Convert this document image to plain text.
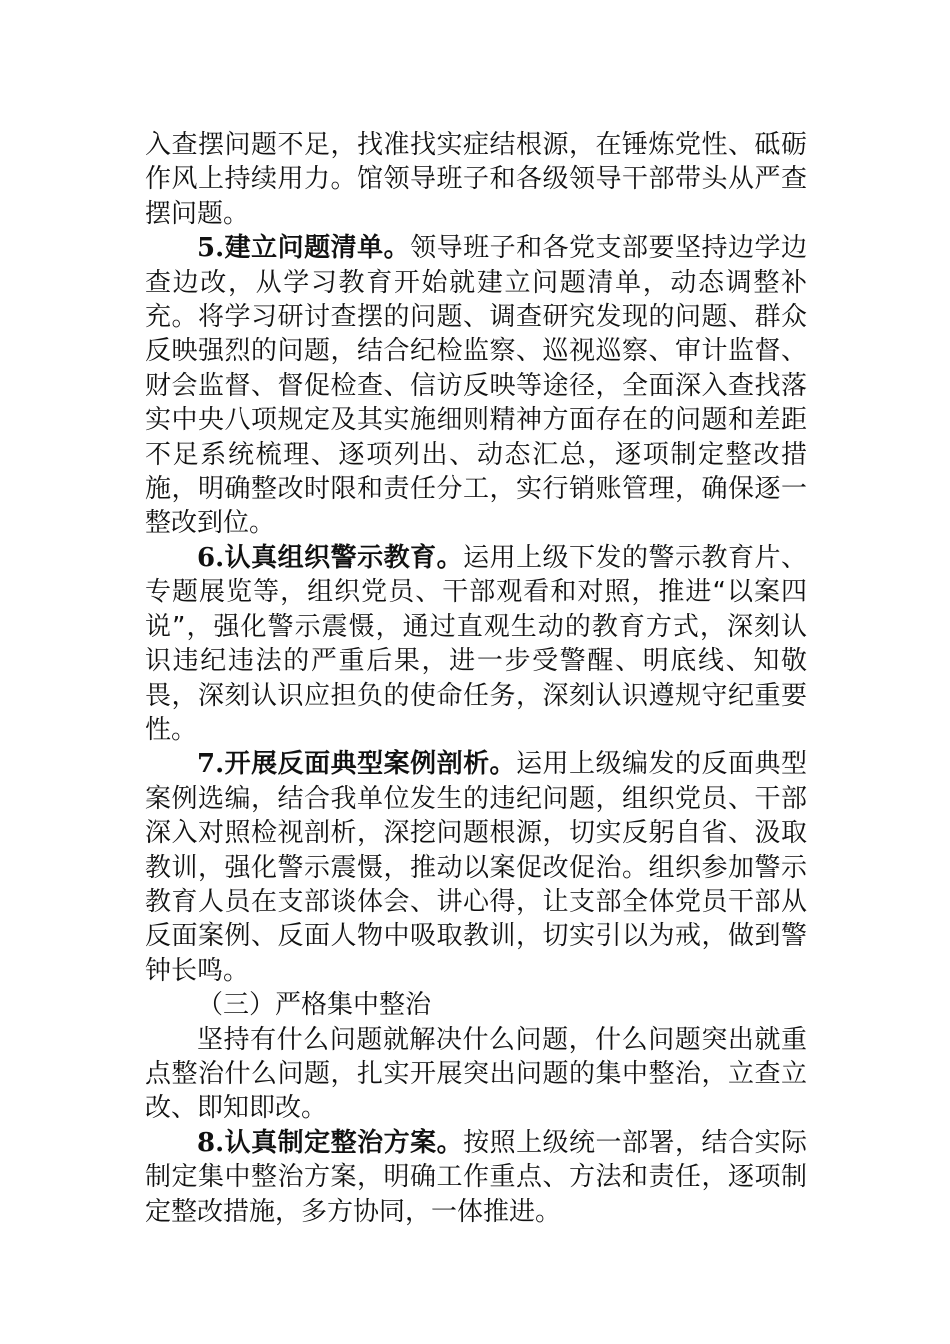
入查摆问题不足，找准找实症结根源，在锤炼党性、砥砺作风上持续用力。馆领导班子和各级领导干部带头从严查摆问题。

5.建立问题清单。领导班子和各党支部要坚持边学边查边改，从学习教育开始就建立问题清单，动态调整补充。将学习研讨查摆的问题、调查研究发现的问题、群众反映强烈的问题，结合纪检监察、巡视巡察、审计监督、财会监督、督促检查、信访反映等途径，全面深入查找落实中央八项规定及其实施细则精神方面存在的问题和差距不足系统梳理、逐项列出、动态汇总，逐项制定整改措施，明确整改时限和责任分工，实行销账管理，确保逐一整改到位。

6.认真组织警示教育。运用上级下发的警示教育片、专题展览等，组织党员、干部观看和对照，推进“以案四说”，强化警示震慑，通过直观生动的教育方式，深刻认识违纪违法的严重后果，进一步受警醒、明底线、知敬畏，深刻认识应担负的使命任务，深刻认识遵规守纪重要性。

7.开展反面典型案例剖析。运用上级编发的反面典型案例选编，结合我单位发生的违纪问题，组织党员、干部深入对照检视剖析，深挖问题根源，切实反躬自省、汲取教训，强化警示震慑，推动以案促改促治。组织参加警示教育人员在支部谈体会、讲心得，让支部全体党员干部从反面案例、反面人物中吸取教训，切实引以为戒，做到警钟长鸣。

（三）严格集中整治

坚持有什么问题就解决什么问题，什么问题突出就重点整治什么问题，扎实开展突出问题的集中整治，立查立改、即知即改。

8.认真制定整治方案。按照上级统一部署，结合实际制定集中整治方案，明确工作重点、方法和责任，逐项制定整改措施，多方协同，一体推进。
